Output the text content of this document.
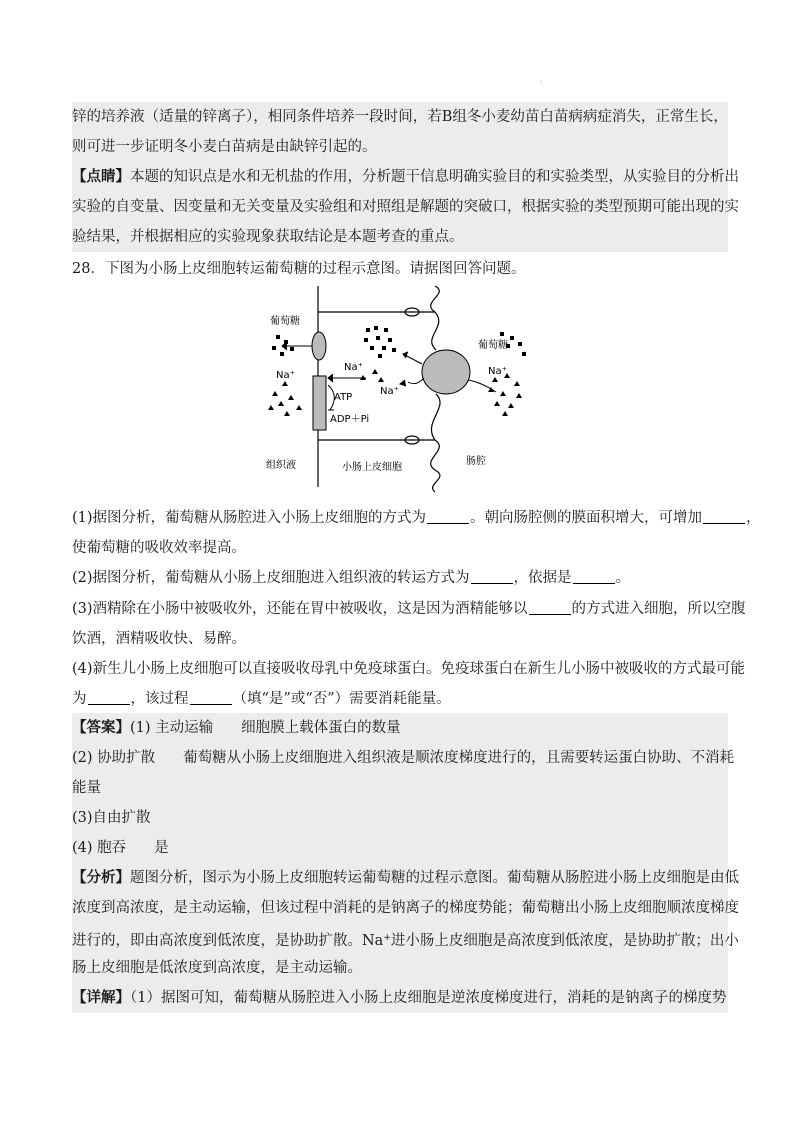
:
锌的培养液（适量的锌离子），相同条件培养一段时间，若B组冬小麦幼苗白苗病病症消失，正常生长，
则可进一步证明冬小麦白苗病是由缺锌引起的。
【点睛】本题的知识点是水和无机盐的作用，分析题干信息明确实验目的和实验类型，从实验目的分析出
实验的自变量、因变量和无关变量及实验组和对照组是解题的突破口，根据实验的类型预期可能出现的实
验结果，并根据相应的实验现象获取结论是本题考查的重点。
28．下图为小肠上皮细胞转运葡萄糖的过程示意图。请据图回答问题。
葡萄糖
葡萄糖
Na⁺
Na⁺
Na⁺
Na⁺
ATP
ADP＋Pi
组织液	小肠上皮细胞
肠腔
(1)据图分析，葡萄糖从肠腔进入小肠上皮细胞的方式为	。朝向肠腔侧的膜面积增大，可增加	，
使葡萄糖的吸收效率提高。
(2)据图分析，葡萄糖从小肠上皮细胞进入组织液的转运方式为	，依据是	。
(3)酒精除在小肠中被吸收外，还能在胃中被吸收，这是因为酒精能够以	的方式进入细胞，所以空腹
饮酒，酒精吸收快、易醉。
(4)新生儿小肠上皮细胞可以直接吸收母乳中免疫球蛋白。免疫球蛋白在新生儿小肠中被吸收的方式最可能
为	，该过程	（填“是”或“否”）需要消耗能量。
【答案】(1) 主动运输 细胞膜上载体蛋白的数量
(2) 协助扩散 葡萄糖从小肠上皮细胞进入组织液是顺浓度梯度进行的，且需要转运蛋白协助、不消耗
能量
(3)自由扩散
(4) 胞吞 是
【分析】题图分析，图示为小肠上皮细胞转运葡萄糖的过程示意图。葡萄糖从肠腔进小肠上皮细胞是由低
浓度到高浓度，是主动运输，但该过程中消耗的是钠离子的梯度势能；葡萄糖出小肠上皮细胞顺浓度梯度
进行的，即由高浓度到低浓度，是协助扩散。Na+进小肠上皮细胞是高浓度到低浓度，是协助扩散；出小
肠上皮细胞是低浓度到高浓度，是主动运输。
【详解】（1）据图可知，葡萄糖从肠腔进入小肠上皮细胞是逆浓度梯度进行，消耗的是钠离子的梯度势
